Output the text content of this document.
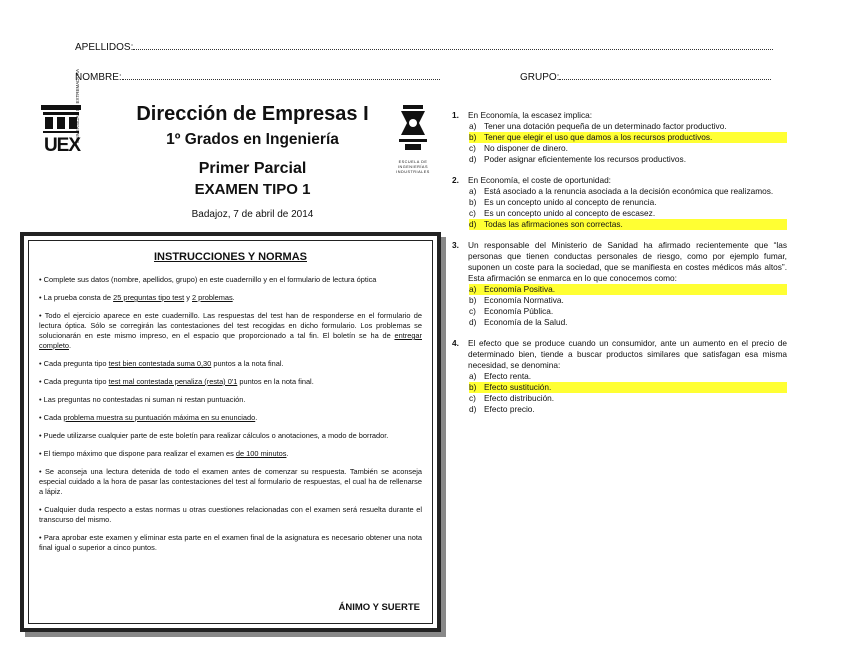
APELLIDOS:
NOMBRE:	GRUPO:
UEX
UNIVERSIDAD DE EXTREMADURA	Dirección de Empresas I
1º Grados en Ingeniería
Primer Parcial
EXAMEN TIPO 1
Badajoz, 7 de abril de 2014
ESCUELA DE INGENIERÍAS INDUSTRIALES
INSTRUCCIONES Y NORMAS

• Complete sus datos (nombre, apellidos, grupo) en este cuadernillo y en el formulario de lectura óptica

• La prueba consta de 25 preguntas tipo test y 2 problemas.

• Todo el ejercicio aparece en este cuadernillo. Las respuestas del test han de responderse en el formulario de lectura óptica. Sólo se corregirán las contestaciones del test recogidas en dicho formulario. Los problemas se solucionarán en este mismo impreso, en el espacio que proporcionado a tal fin. El boletín se ha de entregar completo.

• Cada pregunta tipo test bien contestada suma 0,30 puntos a la nota final.

• Cada pregunta tipo test mal contestada penaliza (resta) 0'1 puntos en la nota final.

• Las preguntas no contestadas ni suman ni restan puntuación.

• Cada problema muestra su puntuación máxima en su enunciado.

• Puede utilizarse cualquier parte de este boletín para realizar cálculos o anotaciones, a modo de borrador.

• El tiempo máximo que dispone para realizar el examen es de 100 minutos.

• Se aconseja una lectura detenida de todo el examen antes de comenzar su respuesta. También se aconseja especial cuidado a la hora de pasar las contestaciones del test al formulario de respuestas, el cual ha de rellenarse a lápiz.

• Cualquier duda respecto a estas normas u otras cuestiones relacionadas con el examen será resuelta durante el transcurso del mismo.

• Para aprobar este examen y eliminar esta parte en el examen final de la asignatura es necesario obtener una nota final igual o superior a cinco puntos.

ÁNIMO Y SUERTE
1.	En Economía, la escasez implica:
a) Tener una dotación pequeña de un determinado factor productivo.
b) Tener que elegir el uso que damos a los recursos productivos.
c) No disponer de dinero.
d) Poder asignar eficientemente los recursos productivos.
2.	En Economía, el coste de oportunidad:
a) Está asociado a la renuncia asociada a la decisión económica que realizamos.
b) Es un concepto unido al concepto de renuncia.
c) Es un concepto unido al concepto de escasez.
d) Todas las afirmaciones son correctas.
3.	Un responsable del Ministerio de Sanidad ha afirmado recientemente que “las personas que tienen conductas personales de riesgo, como por ejemplo fumar, suponen un coste para la sociedad, que se manifiesta en costes médicos más altos”. Esta afirmación se enmarca en lo que conocemos como:
a) Economía Positiva.
b) Economía Normativa.
c) Economía Pública.
d) Economía de la Salud.
4.	El efecto que se produce cuando un consumidor, ante un aumento en el precio de determinado bien, tiende a buscar productos similares que satisfagan esa misma necesidad, se denomina:
a) Efecto renta.
b) Efecto sustitución.
c) Efecto distribución.
d) Efecto precio.
